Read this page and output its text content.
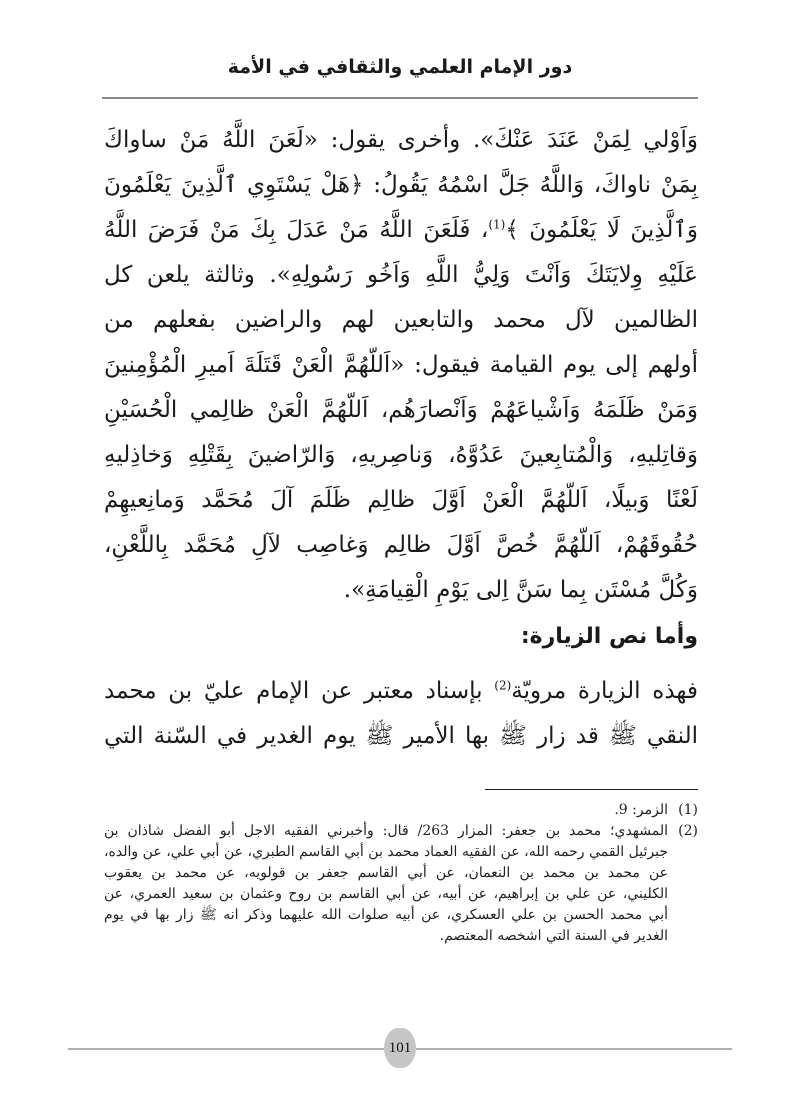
دور الإمام العلمي والثقافي في الأمة
وَاَوْلي لِمَنْ عَنَدَ عَنْكَ». وأخرى يقول: «لَعَنَ اللَّهُ مَنْ ساواكَ
بِمَنْ ناواكَ، وَاللَّهُ جَلَّ اسْمُهُ يَقُولُ: ﴿هَلْ يَسْتَوِي ٱلَّذِينَ يَعْلَمُونَ
وَٱلَّذِينَ لَا يَعْلَمُونَ ﴾$^{(1)}$، فَلَعَنَ اللَّهُ مَنْ عَدَلَ بِكَ مَنْ فَرَضَ اللَّهُ
عَلَيْهِ وِلايَتَكَ وَاَنْتَ وَلِيُّ اللَّهِ وَاَخُو رَسُولِهِ». وثالثة يلعن كل
الظالمين لآل محمد والتابعين لهم والراضين بفعلهم من
أولهم إلى يوم القيامة فيقول: «اَللّهُمَّ الْعَنْ قَتَلَةَ اَميرِ الْمُؤْمِنينَ
وَمَنْ ظَلَمَهُ وَاَشْياعَهُمْ وَاَنْصارَهُم، اَللّهُمَّ الْعَنْ ظالِمي الْحُسَيْنِ
وَقاتِليهِ، وَالْمُتابِعينَ عَدُوَّهُ، وَناصِريهِ، وَالرّاضينَ بِقَتْلِهِ وَخاذِليهِ
لَعْنًا وَبيلًا، اَللّهُمَّ الْعَنْ اَوَّلَ ظالِم ظَلَمَ آلَ مُحَمَّد وَمانِعيهِمْ
حُقُوقَهُمْ، اَللّهُمَّ خُصَّ اَوَّلَ ظالِم وَغاصِب لآلِ مُحَمَّد بِاللَّعْنِ،
وَكُلَّ مُسْتَن بِما سَنَّ اِلى يَوْمِ الْقِيامَةِ».
وأما نص الزيارة:
فهذه الزيارة مرويّة$^{(2)}$ بإسناد معتبر عن الإمام عليّ بن محمد
النقي ﷺ قد زار ﷺ بها الأمير ﷺ يوم الغدير في السّنة التي
(1)
الزمر: 9.
(2)
المشهدي؛ محمد بن جعفر: المزار 263/ قال: وأخبرني الفقيه الاجل أبو الفضل شاذان بن
جبرئيل القمي رحمه الله، عن الفقيه العماد محمد بن أبي القاسم الطبري، عن أبي علي، عن والده،
عن محمد بن محمد بن النعمان، عن أبي القاسم جعفر بن قولويه، عن محمد بن يعقوب
الكليني، عن علي بن إبراهيم، عن أبيه، عن أبي القاسم بن روح وعثمان بن سعيد العمري، عن
أبي محمد الحسن بن علي العسكري، عن أبيه صلوات الله عليهما وذكر انه ﷺ زار بها في يوم
الغدير في السنة التي اشخصه المعتصم.
101
